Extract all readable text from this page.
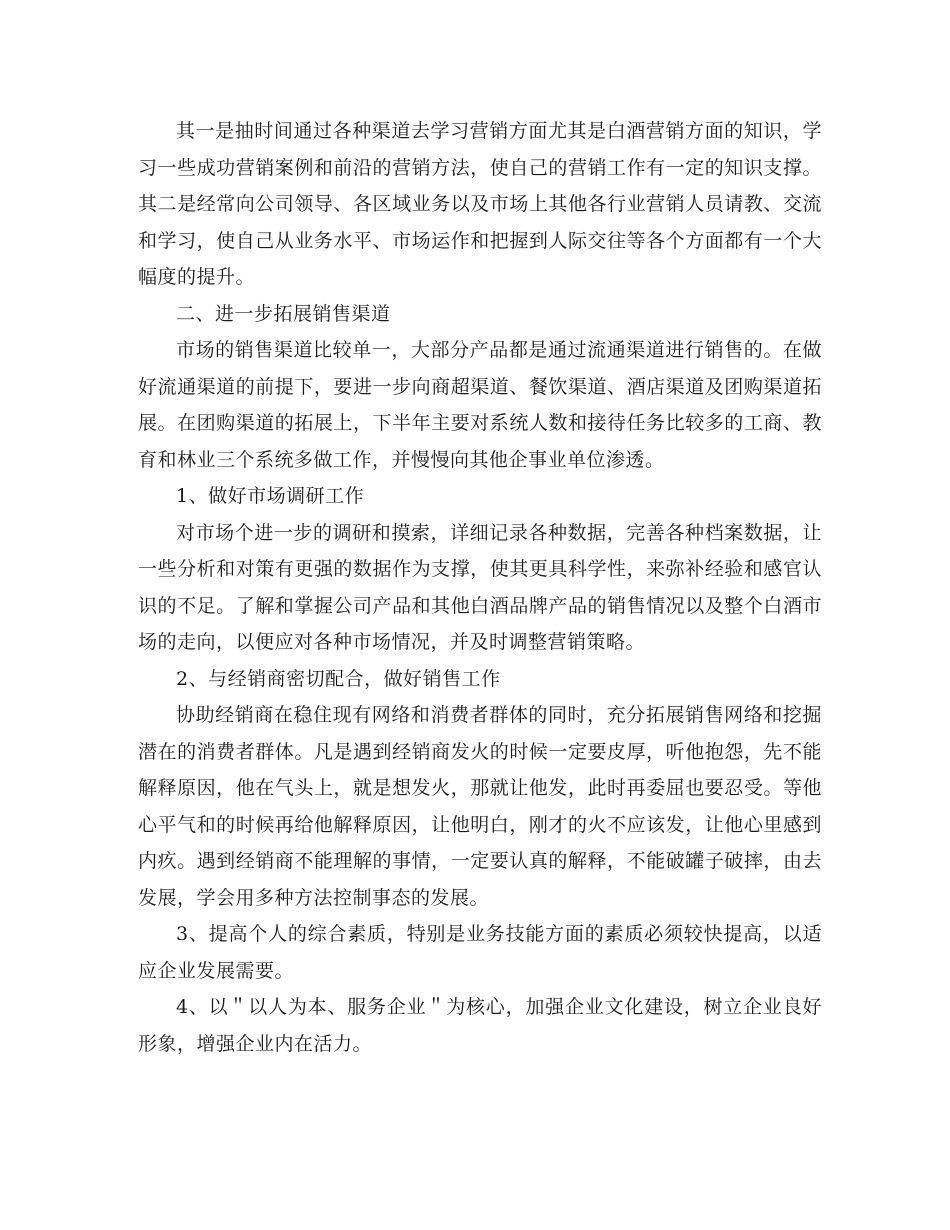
其一是抽时间通过各种渠道去学习营销方面尤其是白酒营销方面的知识，学习一些成功营销案例和前沿的营销方法，使自己的营销工作有一定的知识支撑。其二是经常向公司领导、各区域业务以及市场上其他各行业营销人员请教、交流和学习，使自己从业务水平、市场运作和把握到人际交往等各个方面都有一个大幅度的提升。

二、进一步拓展销售渠道

市场的销售渠道比较单一，大部分产品都是通过流通渠道进行销售的。在做好流通渠道的前提下，要进一步向商超渠道、餐饮渠道、酒店渠道及团购渠道拓展。在团购渠道的拓展上，下半年主要对系统人数和接待任务比较多的工商、教育和林业三个系统多做工作，并慢慢向其他企事业单位渗透。

1、做好市场调研工作

对市场个进一步的调研和摸索，详细记录各种数据，完善各种档案数据，让一些分析和对策有更强的数据作为支撑，使其更具科学性，来弥补经验和感官认识的不足。了解和掌握公司产品和其他白酒品牌产品的销售情况以及整个白酒市场的走向，以便应对各种市场情况，并及时调整营销策略。

2、与经销商密切配合，做好销售工作

协助经销商在稳住现有网络和消费者群体的同时，充分拓展销售网络和挖掘潜在的消费者群体。凡是遇到经销商发火的时候一定要皮厚，听他抱怨，先不能解释原因，他在气头上，就是想发火，那就让他发，此时再委屈也要忍受。等他心平气和的时候再给他解释原因，让他明白，刚才的火不应该发，让他心里感到内疚。遇到经销商不能理解的事情，一定要认真的解释，不能破罐子破摔，由去发展，学会用多种方法控制事态的发展。

3、提高个人的综合素质，特别是业务技能方面的素质必须较快提高，以适应企业发展需要。

4、以＂以人为本、服务企业＂为核心，加强企业文化建设，树立企业良好形象，增强企业内在活力。
